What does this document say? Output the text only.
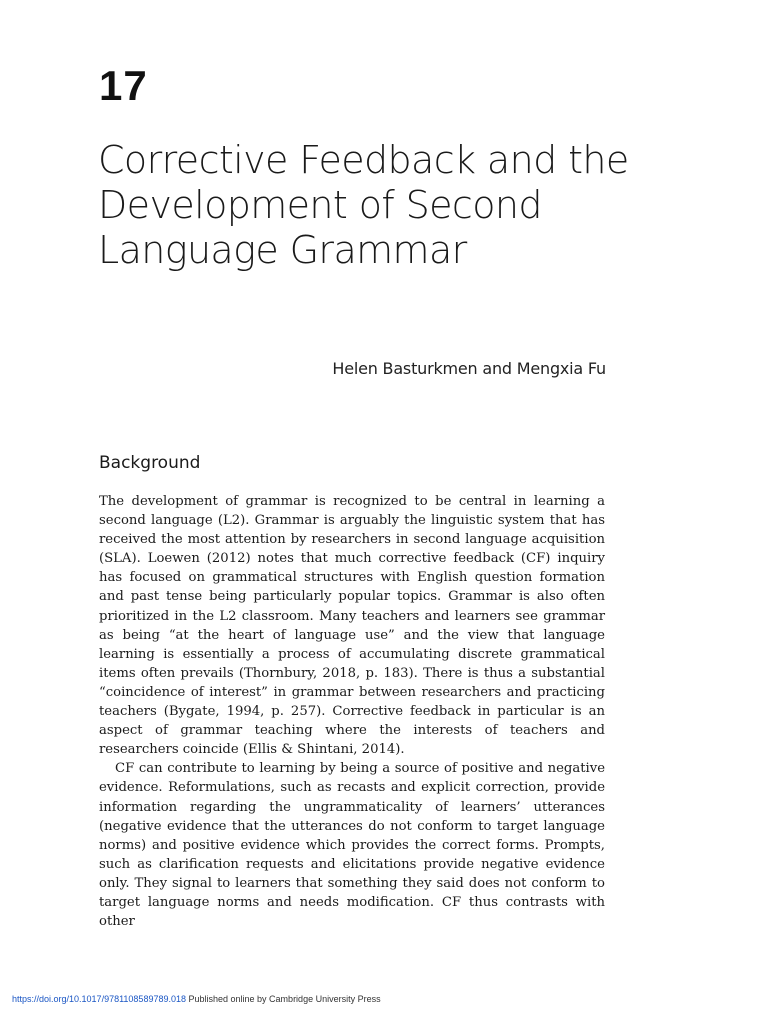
17
Corrective Feedback and the Development of Second Language Grammar
Helen Basturkmen and Mengxia Fu
Background

The development of grammar is recognized to be central in learning a second language (L2). Grammar is arguably the linguistic system that has received the most attention by researchers in second language acquisition (SLA). Loewen (2012) notes that much corrective feedback (CF) inquiry has focused on grammatical structures with English question formation and past tense being particularly popular topics. Grammar is also often prioritized in the L2 classroom. Many teachers and learners see grammar as being “at the heart of language use” and the view that language learning is essentially a process of accumulating discrete grammatical items often prevails (Thornbury, 2018, p. 183). There is thus a substantial “coincidence of interest” in grammar between researchers and practicing teachers (Bygate, 1994, p. 257). Corrective feedback in particular is an aspect of grammar teaching where the interests of teachers and researchers coincide (Ellis & Shintani, 2014).

CF can contribute to learning by being a source of positive and negative evidence. Reformulations, such as recasts and explicit correction, provide information regarding the ungrammaticality of learners’ utterances (negative evidence that the utterances do not conform to target language norms) and positive evidence which provides the correct forms. Prompts, such as clarification requests and elicitations provide negative evidence only. They signal to learners that something they said does not conform to target language norms and needs modification. CF thus contrasts with other

https://doi.org/10.1017/9781108589789.018 Published online by Cambridge University Press
